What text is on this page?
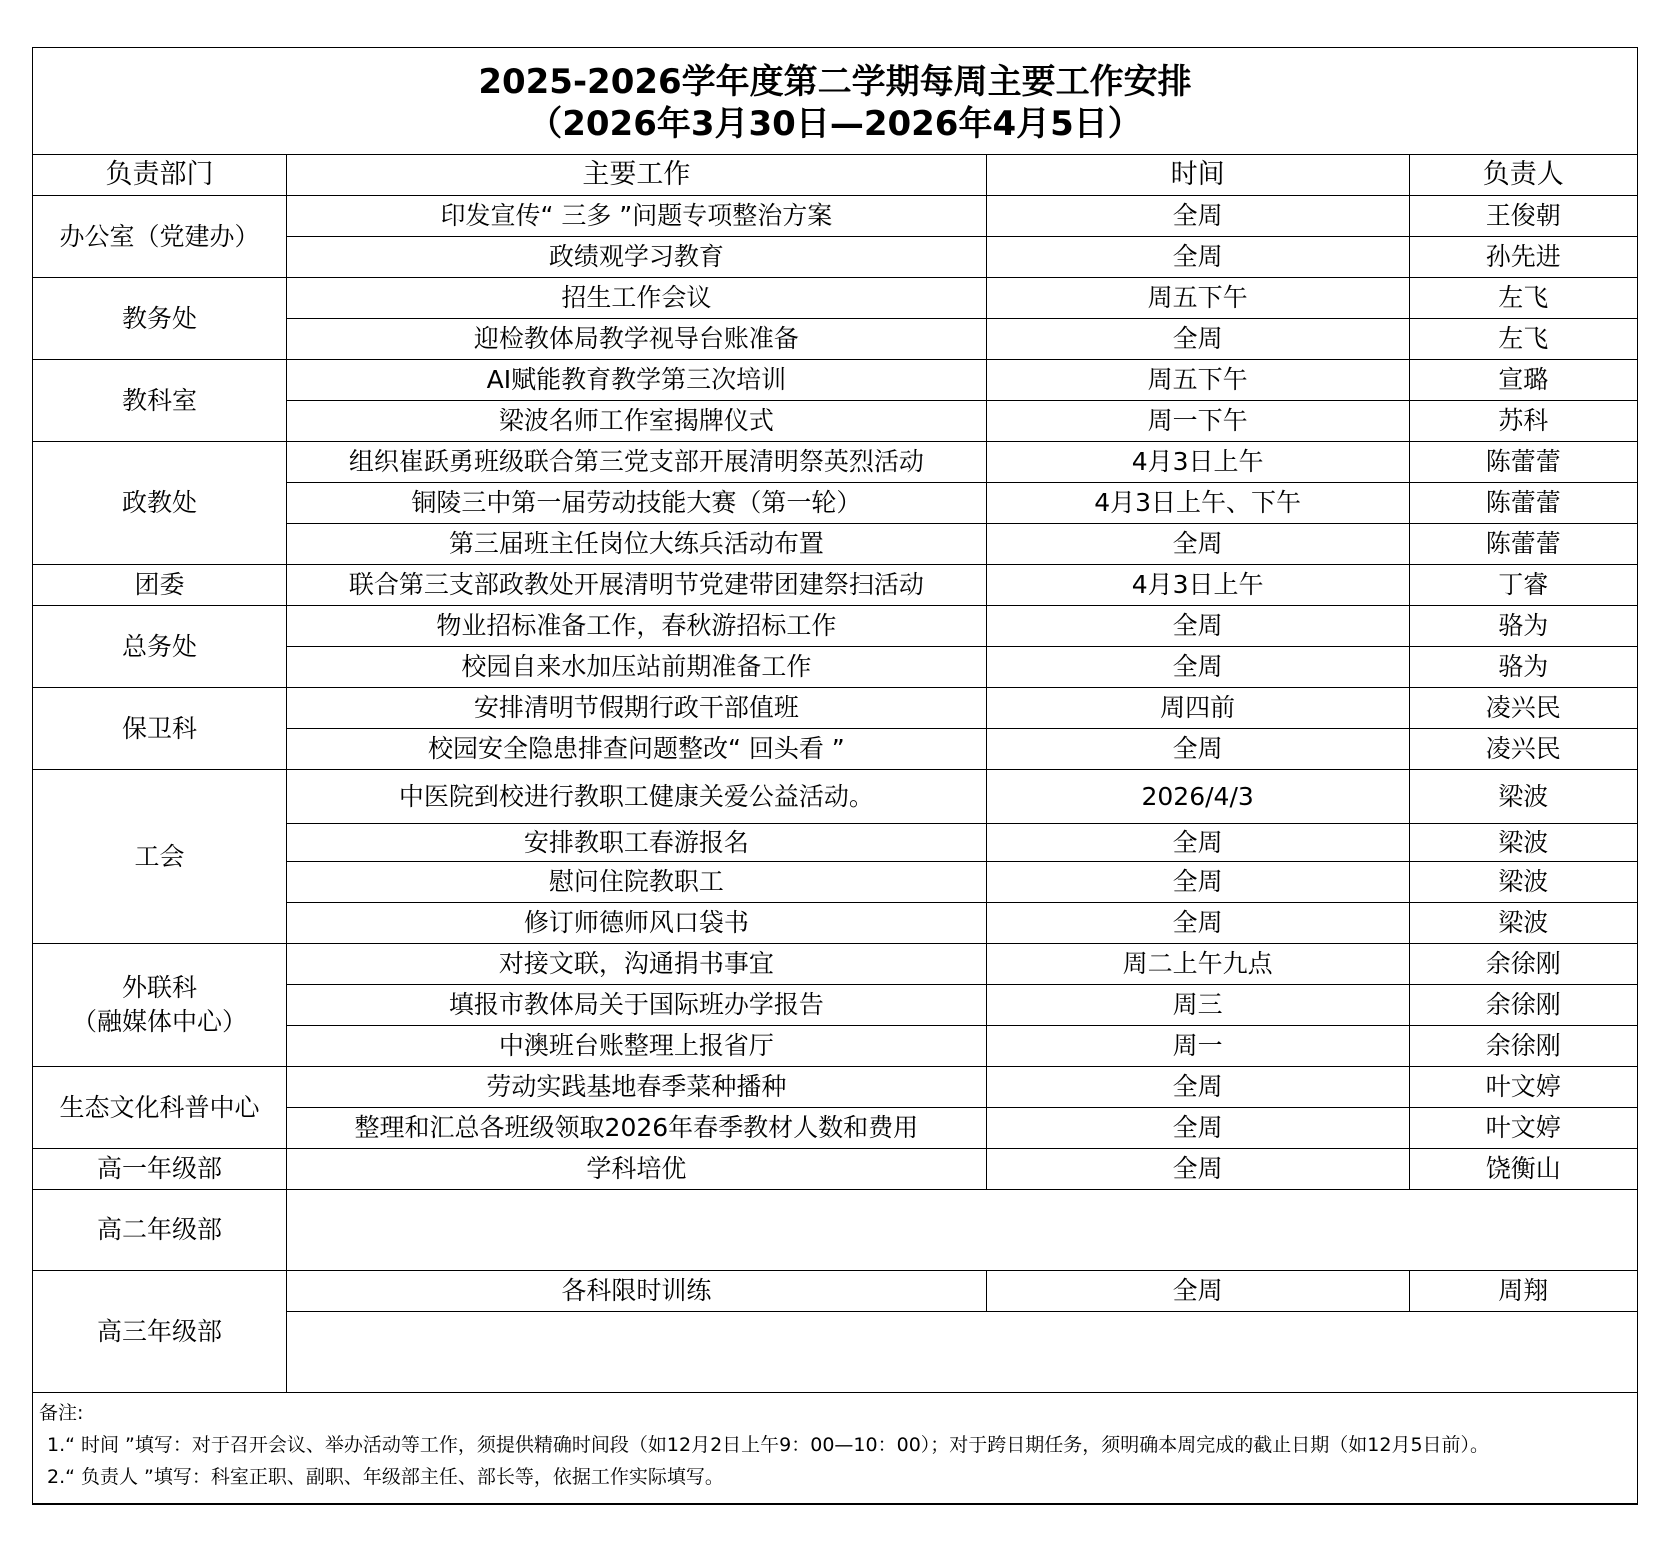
2025-2026学年度第二学期每周主要工作安排
（2026年3月30日—2026年4月5日）			

负责部门	主要工作	时间	负责人
办公室（党建办）	印发宣传“ 三多 ”问题专项整治方案	全周	王俊朝
	政绩观学习教育	全周	孙先进
教务处	招生工作会议	周五下午	左飞
	迎检教体局教学视导台账准备	全周	左飞
教科室	AI赋能教育教学第三次培训	周五下午	宣璐
	梁波名师工作室揭牌仪式	周一下午	苏科
政教处	组织崔跃勇班级联合第三党支部开展清明祭英烈活动	4月3日上午	陈蕾蕾
	铜陵三中第一届劳动技能大赛（第一轮）	4月3日上午、下午	陈蕾蕾
	第三届班主任岗位大练兵活动布置	全周	陈蕾蕾
团委	联合第三支部政教处开展清明节党建带团建祭扫活动	4月3日上午	丁睿
总务处	物业招标准备工作，春秋游招标工作	全周	骆为
	校园自来水加压站前期准备工作	全周	骆为
保卫科	安排清明节假期行政干部值班	周四前	凌兴民
	校园安全隐患排查问题整改“ 回头看 ”	全周	凌兴民
工会	中医院到校进行教职工健康关爱公益活动。	2026/4/3	梁波
	安排教职工春游报名	全周	梁波
	慰问住院教职工	全周	梁波
	修订师德师风口袋书	全周	梁波

外联科
（融媒体中心）	对接文联，沟通捐书事宜	周二上午九点	余徐刚
	填报市教体局关于国际班办学报告	周三	余徐刚
	中澳班台账整理上报省厅	周一	余徐刚
生态文化科普中心	劳动实践基地春季菜种播种	全周	叶文婷
	整理和汇总各班级领取2026年春季教材人数和费用	全周	叶文婷
高一年级部	学科培优	全周	饶衡山
高二年级部			
高三年级部	各科限时训练	全周	周翔

备注:
1.“ 时间 ”填写：对于召开会议、举办活动等工作，须提供精确时间段（如12月2日上午9：00—10：00）；对于跨日期任务，须明确本周完成的截止日期（如12月5日前）。
2.“ 负责人 ”填写：科室正职、副职、年级部主任、部长等，依据工作实际填写。			
